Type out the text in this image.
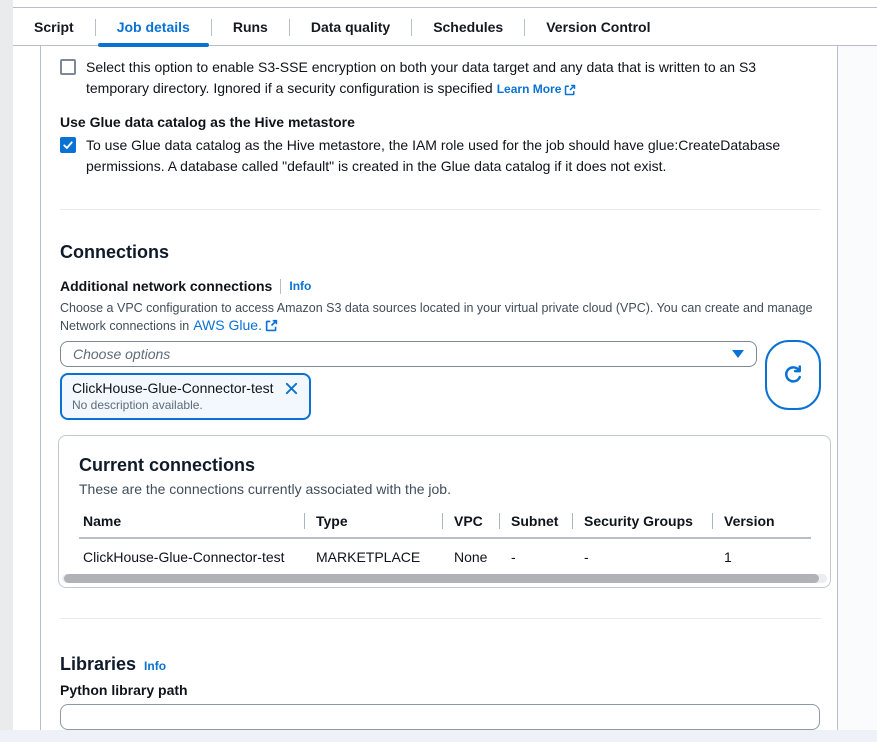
Script	Job details	Runs	Data quality	Schedules	Version Control
Select this option to enable S3-SSE encryption on both your data target and any data that is written to an S3
temporary directory. Ignored if a security configuration is specified Learn More
Use Glue data catalog as the Hive metastore
To use Glue data catalog as the Hive metastore, the IAM role used for the job should have glue:CreateDatabase
permissions. A database called "default" is created in the Glue data catalog if it does not exist.
Connections
Additional network connections Info
Choose a VPC configuration to access Amazon S3 data sources located in your virtual private cloud (VPC). You can create and manage
Network connections in AWS Glue.
Choose options
ClickHouse-Glue-Connector-test
No description available.
Current connections
These are the connections currently associated with the job.
Name	Type	VPC	Subnet	Security Groups	Version
ClickHouse-Glue-Connector-test	MARKETPLACE	None	-	-	1
Libraries Info
Python library path
